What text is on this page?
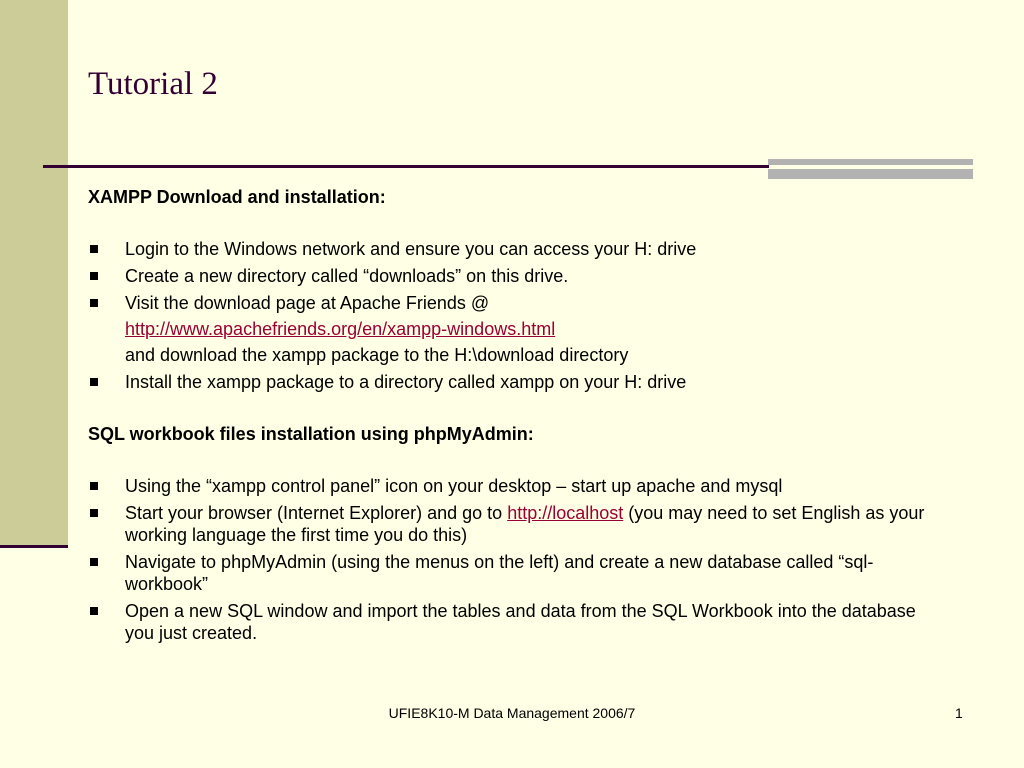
Tutorial 2

XAMPP Download and installation:

Login to the Windows network and ensure you can access your H: drive
Create a new directory called “downloads” on this drive.
Visit the download page at Apache Friends @
http://www.apachefriends.org/en/xampp-windows.html
and download the xampp package to the H:\download directory
Install the xampp package to a directory called xampp on your H: drive

SQL workbook files installation using phpMyAdmin:

Using the “xampp control panel” icon on your desktop – start up apache and mysql
Start your browser (Internet Explorer) and go to http://localhost (you may need to set English as your working language the first time you do this)
Navigate to phpMyAdmin (using the menus on the left) and create a new database called “sql-workbook”
Open a new SQL window and import the tables and data from the SQL Workbook into the database you just created.
UFIE8K10-M Data Management 2006/7	1
